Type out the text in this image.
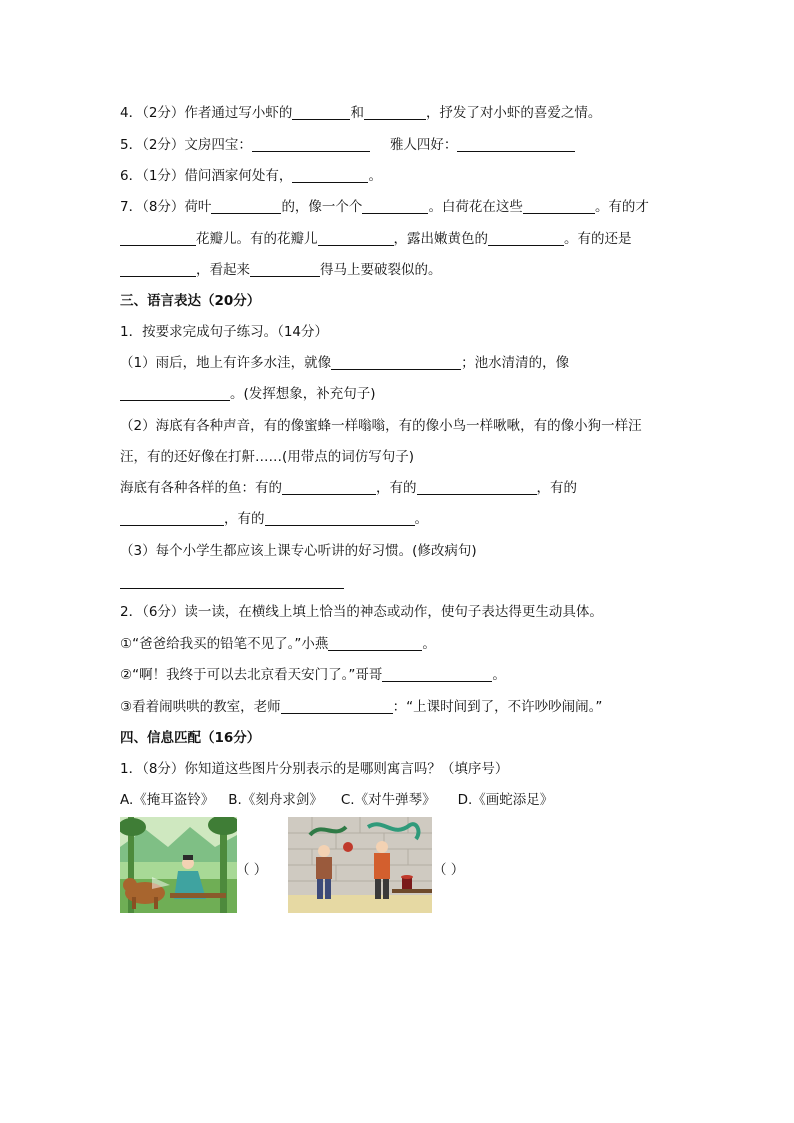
4．（2分）作者通过写小虾的	和	，抒发了对小虾的喜爱之情。
5．（2分）文房四宝：	雅人四好：
6．（1分）借问酒家何处有，	。
7．（8分）荷叶	的，像一个个	。白荷花在这些	。有的才
花瓣儿。有的花瓣儿	，露出嫩黄色的	。有的还是
，看起来	得马上要破裂似的。
三、语言表达（20分）
1．按要求完成句子练习。（14分）
（1）雨后，地上有许多水洼，就像	；池水清清的，像
。(发挥想象，补充句子)
（2）海底有各种声音，有的像蜜蜂一样嗡嗡，有的像小鸟一样啾啾，有的像小狗一样汪
汪，有的还好像在打鼾……(用带点的词仿写句子)
海底有各种各样的鱼：有的	，有的	，有的
，有的	。
（3）每个小学生都应该上课专心听讲的好习惯。(修改病句)
2．（6分）读一读，在横线上填上恰当的神态或动作，使句子表达得更生动具体。
①“爸爸给我买的铅笔不见了。”小燕	。
②“啊！我终于可以去北京看天安门了。”哥哥	。
③看着闹哄哄的教室，老师	：“上课时间到了，不许吵吵闹闹。”
四、信息匹配（16分）
1．（8分）你知道这些图片分别表示的是哪则寓言吗？（填序号）
A.《掩耳盗铃》 B.《刻舟求剑》 C.《对牛弹琴》 D.《画蛇添足》
（ ）	（ ）
